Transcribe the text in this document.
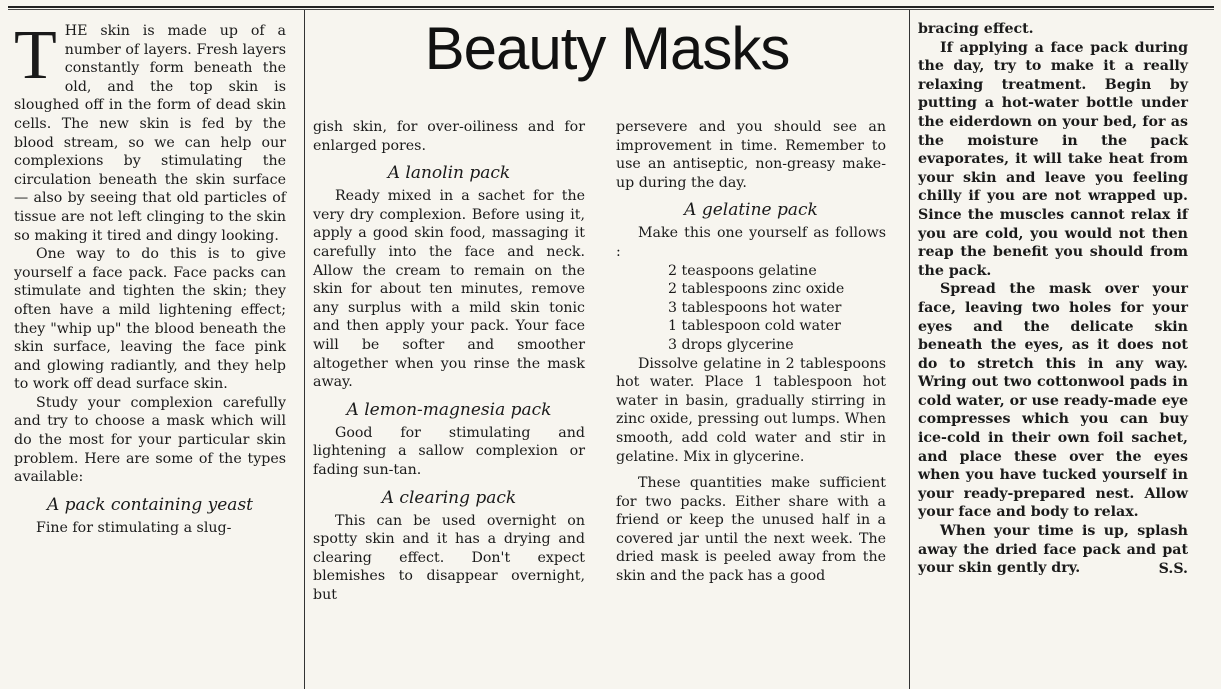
Beauty Masks

THE skin is made up of a number of layers. Fresh layers constantly form beneath the old, and the top skin is sloughed off in the form of dead skin cells. The new skin is fed by the blood stream, so we can help our complexions by stimulating the circulation beneath the skin surface — also by seeing that old particles of tissue are not left clinging to the skin so making it tired and dingy looking.

One way to do this is to give yourself a face pack. Face packs can stimulate and tighten the skin; they often have a mild lightening effect; they "whip up" the blood beneath the skin surface, leaving the face pink and glowing radiantly, and they help to work off dead surface skin.

Study your complexion carefully and try to choose a mask which will do the most for your particular skin problem. Here are some of the types available:

A pack containing yeast

Fine for stimulating a slug-

gish skin, for over-oiliness and for enlarged pores.

A lanolin pack

Ready mixed in a sachet for the very dry complexion. Before using it, apply a good skin food, massaging it carefully into the face and neck. Allow the cream to remain on the skin for about ten minutes, remove any surplus with a mild skin tonic and then apply your pack. Your face will be softer and smoother altogether when you rinse the mask away.

A lemon-magnesia pack

Good for stimulating and lightening a sallow complexion or fading sun-tan.

A clearing pack

This can be used overnight on spotty skin and it has a drying and clearing effect. Don't expect blemishes to disappear overnight, but

persevere and you should see an improvement in time. Remember to use an antiseptic, non-greasy make-up during the day.

A gelatine pack

Make this one yourself as follows :

2 teaspoons gelatine

2 tablespoons zinc oxide

3 tablespoons hot water

1 tablespoon cold water

3 drops glycerine

Dissolve gelatine in 2 tablespoons hot water. Place 1 tablespoon hot water in basin, gradually stirring in zinc oxide, pressing out lumps. When smooth, add cold water and stir in gelatine. Mix in glycerine.

These quantities make sufficient for two packs. Either share with a friend or keep the unused half in a covered jar until the next week. The dried mask is peeled away from the skin and the pack has a good

bracing effect.

If applying a face pack during the day, try to make it a really relaxing treatment. Begin by putting a hot-water bottle under the eiderdown on your bed, for as the moisture in the pack evaporates, it will take heat from your skin and leave you feeling chilly if you are not wrapped up. Since the muscles cannot relax if you are cold, you would not then reap the benefit you should from the pack.

Spread the mask over your face, leaving two holes for your eyes and the delicate skin beneath the eyes, as it does not do to stretch this in any way. Wring out two cottonwool pads in cold water, or use ready-made eye compresses which you can buy ice-cold in their own foil sachet, and place these over the eyes when you have tucked yourself in your ready-prepared nest. Allow your face and body to relax.

When your time is up, splash away the dried face pack and pat your skin gently dry.	S.S.
